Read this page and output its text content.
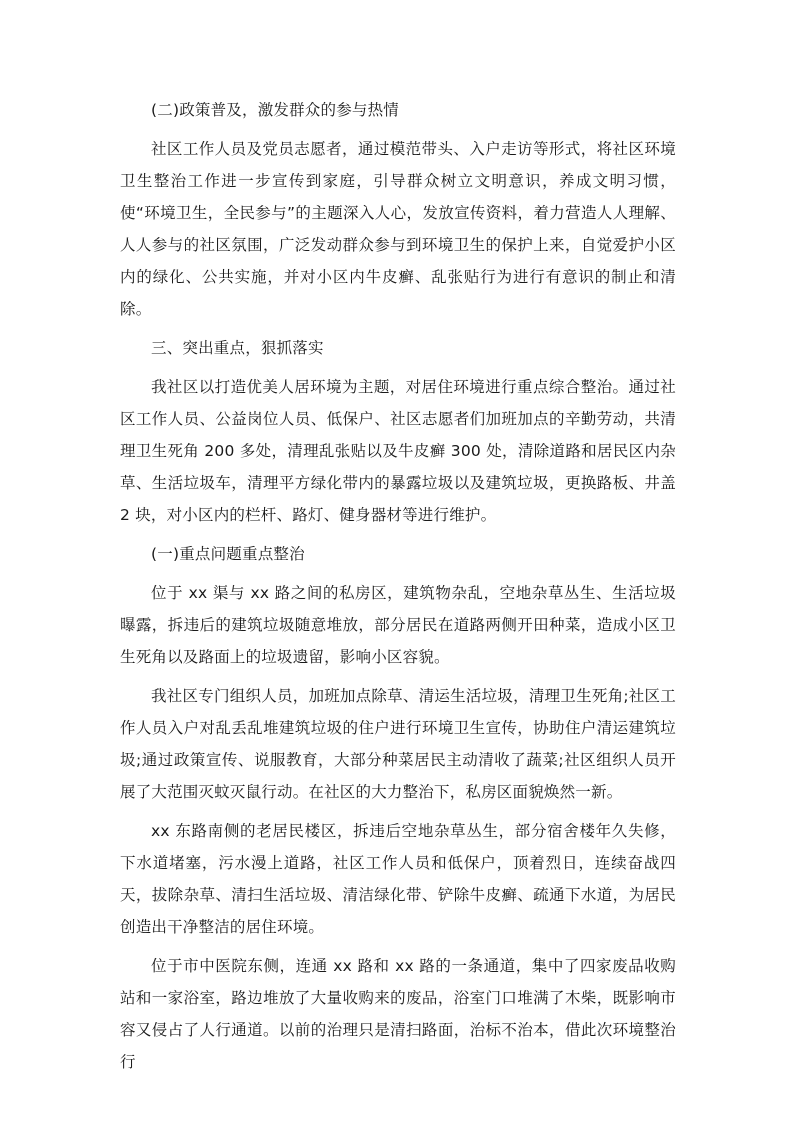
(二)政策普及，激发群众的参与热情

社区工作人员及党员志愿者，通过模范带头、入户走访等形式，将社区环境卫生整治工作进一步宣传到家庭，引导群众树立文明意识，养成文明习惯，使“环境卫生，全民参与”的主题深入人心，发放宣传资料，着力营造人人理解、人人参与的社区氛围，广泛发动群众参与到环境卫生的保护上来，自觉爱护小区内的绿化、公共实施，并对小区内牛皮癣、乱张贴行为进行有意识的制止和清除。

三、突出重点，狠抓落实

我社区以打造优美人居环境为主题，对居住环境进行重点综合整治。通过社区工作人员、公益岗位人员、低保户、社区志愿者们加班加点的辛勤劳动，共清理卫生死角 200 多处，清理乱张贴以及牛皮癣 300 处，清除道路和居民区内杂草、生活垃圾车，清理平方绿化带内的暴露垃圾以及建筑垃圾，更换路板、井盖 2 块，对小区内的栏杆、路灯、健身器材等进行维护。

(一)重点问题重点整治

位于 xx 渠与 xx 路之间的私房区，建筑物杂乱，空地杂草丛生、生活垃圾曝露，拆违后的建筑垃圾随意堆放，部分居民在道路两侧开田种菜，造成小区卫生死角以及路面上的垃圾遗留，影响小区容貌。

我社区专门组织人员，加班加点除草、清运生活垃圾，清理卫生死角;社区工作人员入户对乱丢乱堆建筑垃圾的住户进行环境卫生宣传，协助住户清运建筑垃圾;通过政策宣传、说服教育，大部分种菜居民主动清收了蔬菜;社区组织人员开展了大范围灭蚊灭鼠行动。在社区的大力整治下，私房区面貌焕然一新。

xx 东路南侧的老居民楼区，拆违后空地杂草丛生，部分宿舍楼年久失修，下水道堵塞，污水漫上道路，社区工作人员和低保户，顶着烈日，连续奋战四天，拔除杂草、清扫生活垃圾、清洁绿化带、铲除牛皮癣、疏通下水道，为居民创造出干净整洁的居住环境。

位于市中医院东侧，连通 xx 路和 xx 路的一条通道，集中了四家废品收购站和一家浴室，路边堆放了大量收购来的废品，浴室门口堆满了木柴，既影响市容又侵占了人行通道。以前的治理只是清扫路面，治标不治本，借此次环境整治行
